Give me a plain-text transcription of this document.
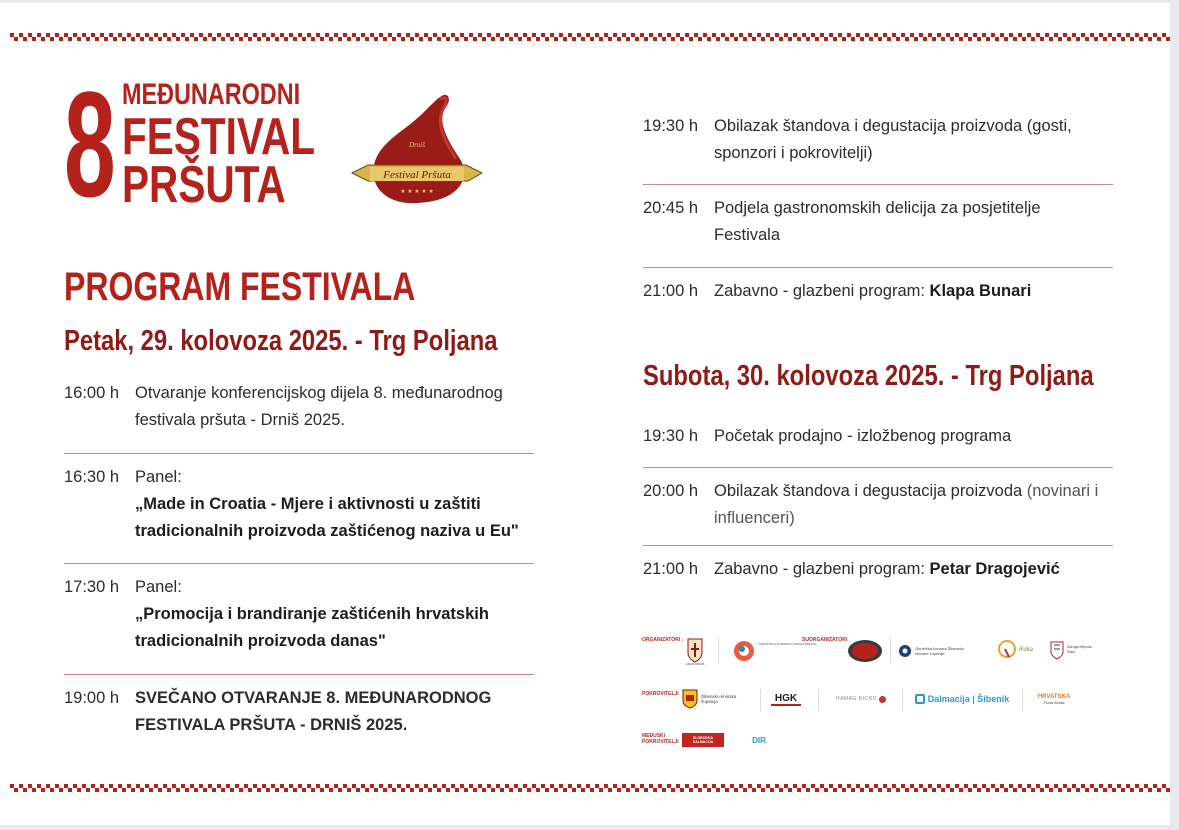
8 MEĐUNARODNI
FESTIVAL
PRŠUTA	Festival Pršuta
Drniš
★ ★ ★ ★ ★
PROGRAM FESTIVALA
Petak, 29. kolovoza 2025. - Trg Poljana
Subota, 30. kolovoza 2025. - Trg Poljana
16:00 h Otvaranje konferencijskog dijela 8. međunarodnog festivala pršuta - Drniš 2025.
16:30 h Panel:
„Made in Croatia - Mjere i aktivnosti u zaštiti tradicionalnih proizvoda zaštićenog naziva u Eu"
17:30 h Panel:
„Promocija i brandiranje zaštićenih hrvatskih tradicionalnih proizvoda danas"
19:00 h SVEČANO OTVARANJE 8. MEĐUNARODNOG FESTIVALA PRŠUTA - DRNIŠ 2025.
19:30 h Obilazak štandova i degustacija proizvoda (gosti, sponzori i pokrovitelji)
20:45 h Podjela gastronomskih delicija za posjetitelje Festivala
21:00 h Zabavno - glazbeni program: Klapa Bunari
19:30 h Početak prodajno - izložbenog programa
20:00 h Obilazak štandova i degustacija proizvoda (novinari i influenceri)
21:00 h Zabavno - glazbeni program: Petar Dragojević
ORGANIZATORI :
GRAD DRNIŠ
TURISTIČKA ZAJEDNICA GRADA DRNIŠA
SUORGANIZATORI
Obrtnička komora Šibensko-kninske županije
Ruka	Udruga Mijendo Sabo
POKROVITELJI	Šibensko-kninska županija	HGK	HAMAG BICRO	Dalmacija | Šibenik	HRVATSKA
Puna života
MEĐUSKI POKROVITELJI
SLOBODNA DALMACIJA	DIR
